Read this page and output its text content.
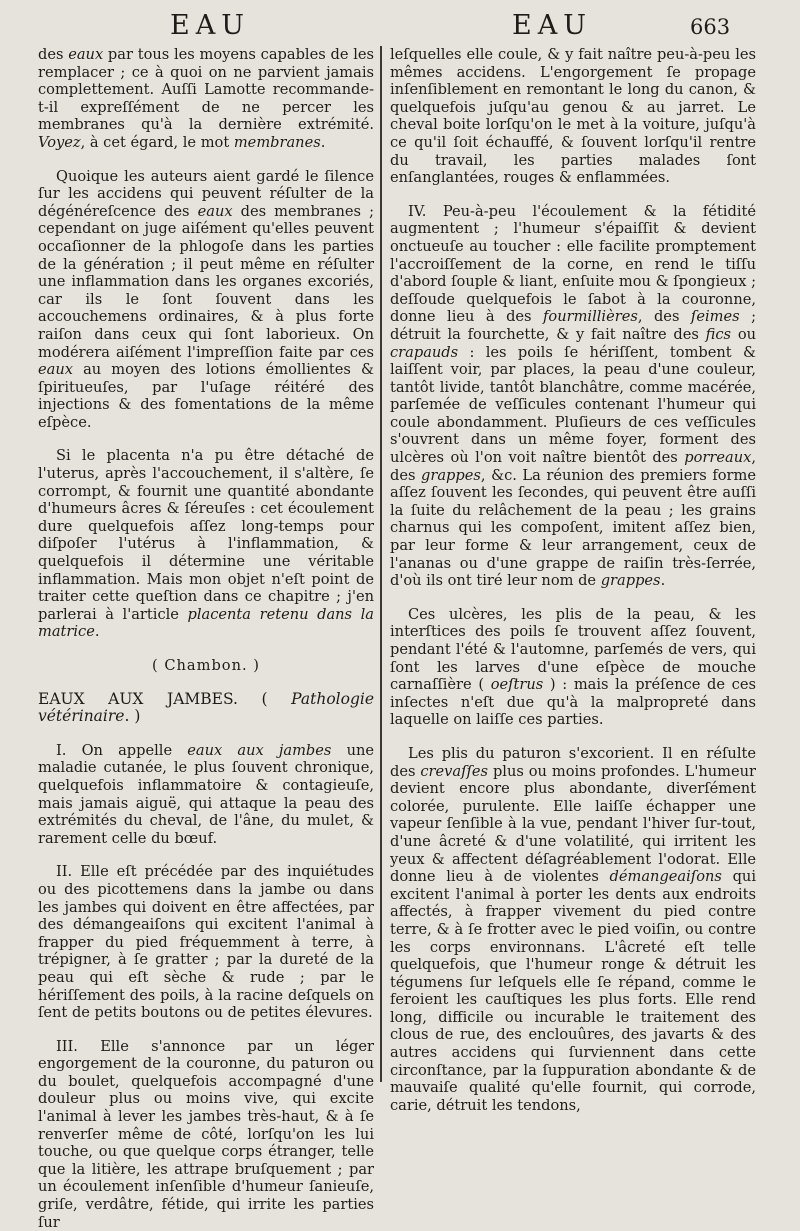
EAU	EAU	663

des eaux par tous les moyens capables de les remplacer ; ce à quoi on ne parvient jamais complettement. Auſſi Lamotte recommande-t-il expreſſément de ne percer les membranes qu'à la dernière extrémité. Voyez, à cet égard, le mot membranes.

Quoique les auteurs aient gardé le ſilence ſur les accidens qui peuvent réſulter de la dégénéreſcence des eaux des membranes ; cependant on juge aiſément qu'elles peuvent occaſionner de la phlogoſe dans les parties de la génération ; il peut même en réſulter une inflammation dans les organes excoriés, car ils le ſont ſouvent dans les accouchemens ordinaires, & à plus forte raiſon dans ceux qui ſont laborieux. On modérera aiſément l'impreſſion faite par ces eaux au moyen des lotions émollientes & ſpiritueuſes, par l'uſage réitéré des injections & des fomentations de la même eſpèce.

Si le placenta n'a pu être détaché de l'uterus, après l'accouchement, il s'altère, ſe corrompt, & fournit une quantité abondante d'humeurs âcres & ſéreuſes : cet écoulement dure quelquefois aſſez long-temps pour diſpoſer l'utérus à l'inflammation, & quelquefois il détermine une véritable inflammation. Mais mon objet n'eſt point de traiter cette queſtion dans ce chapitre ; j'en parlerai à l'article placenta retenu dans la matrice.

( Chambon. )

EAUX AUX JAMBES. ( Pathologie vétérinaire. )

I. On appelle eaux aux jambes une maladie cutanée, le plus ſouvent chronique, quelquefois inflammatoire & contagieuſe, mais jamais aiguë, qui attaque la peau des extrémités du cheval, de l'âne, du mulet, & rarement celle du bœuf.

II. Elle eſt précédée par des inquiétudes ou des picottemens dans la jambe ou dans les jambes qui doivent en être affectées, par des démangeaiſons qui excitent l'animal à frapper du pied fréquemment à terre, à trépigner, à ſe gratter ; par la dureté de la peau qui eſt sèche & rude ; par le hériſſement des poils, à la racine deſquels on ſent de petits boutons ou de petites élevures.

III. Elle s'annonce par un léger engorgement de la couronne, du paturon ou du boulet, quelquefois accompagné d'une douleur plus ou moins vive, qui excite l'animal à lever les jambes très-haut, & à ſe renverſer même de côté, lorſqu'on les lui touche, ou que quelque corps étranger, telle que la litière, les attrape bruſquement ; par un écoulement inſenſible d'humeur ſanieuſe, griſe, verdâtre, fétide, qui irrite les parties ſur

leſquelles elle coule, & y fait naître peu-à-peu les mêmes accidens. L'engorgement ſe propage inſenſiblement en remontant le long du canon, & quelquefois juſqu'au genou & au jarret. Le cheval boite lorſqu'on le met à la voiture, juſqu'à ce qu'il ſoit échauffé, & ſouvent lorſqu'il rentre du travail, les parties malades ſont enſanglantées, rouges & enflammées.

IV. Peu-à-peu l'écoulement & la fétidité augmentent ; l'humeur s'épaiſſit & devient onctueuſe au toucher : elle facilite promptement l'accroiſſement de la corne, en rend le tiſſu d'abord ſouple & liant, enſuite mou & ſpongieux ; deſſoude quelquefois le ſabot à la couronne, donne lieu à des fourmillières, des ſeimes ; détruit la fourchette, & y fait naître des fics ou crapauds : les poils ſe hériſſent, tombent & laiſſent voir, par places, la peau d'une couleur, tantôt livide, tantôt blanchâtre, comme macérée, parſemée de veſſicules contenant l'humeur qui coule abondamment. Pluſieurs de ces veſſicules s'ouvrent dans un même foyer, forment des ulcères où l'on voit naître bientôt des porreaux, des grappes, &c. La réunion des premiers forme aſſez ſouvent les ſecondes, qui peuvent être auſſi la ſuite du relâchement de la peau ; les grains charnus qui les compoſent, imitent aſſez bien, par leur forme & leur arrangement, ceux de l'ananas ou d'une grappe de raiſin très-ſerrée, d'où ils ont tiré leur nom de grappes.

Ces ulcères, les plis de la peau, & les interſtices des poils ſe trouvent aſſez ſouvent, pendant l'été & l'automne, parſemés de vers, qui ſont les larves d'une eſpèce de mouche carnaſſière ( oeſtrus ) : mais la préſence de ces inſectes n'eſt due qu'à la malpropreté dans laquelle on laiſſe ces parties.

Les plis du paturon s'excorient. Il en réſulte des crevaſſes plus ou moins profondes. L'humeur devient encore plus abondante, diverſément colorée, purulente. Elle laiſſe échapper une vapeur ſenſible à la vue, pendant l'hiver ſur-tout, d'une âcreté & d'une volatilité, qui irritent les yeux & affectent déſagréablement l'odorat. Elle donne lieu à de violentes démangeaiſons qui excitent l'animal à porter les dents aux endroits affectés, à frapper vivement du pied contre terre, & à ſe frotter avec le pied voiſin, ou contre les corps environnans. L'âcreté eſt telle quelquefois, que l'humeur ronge & détruit les tégumens ſur leſquels elle ſe répand, comme le feroient les cauſtiques les plus forts. Elle rend long, difficile ou incurable le traitement des clous de rue, des enclouûres, des javarts & des autres accidens qui ſurviennent dans cette circonſtance, par la ſuppuration abondante & de mauvaiſe qualité qu'elle fournit, qui corrode, carie, détruit les tendons,
